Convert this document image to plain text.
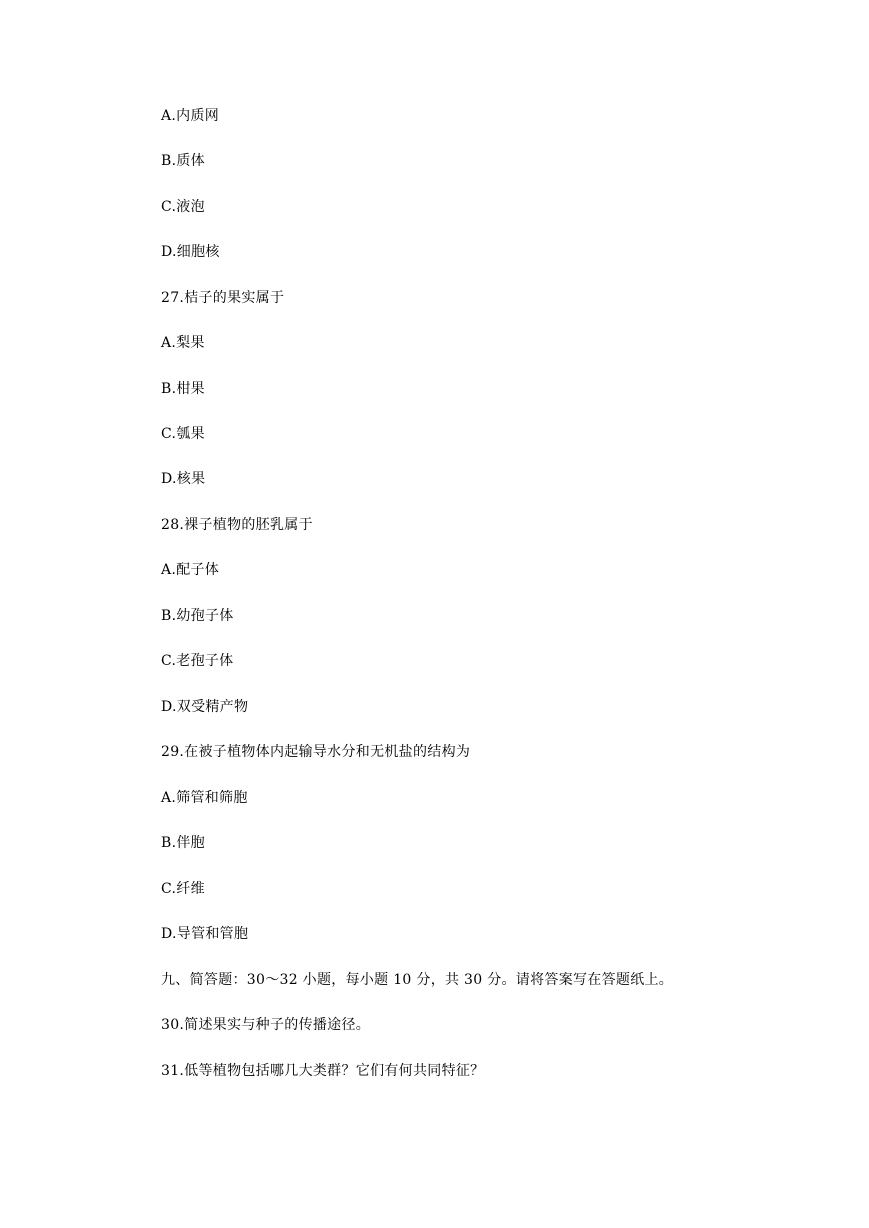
A.内质网
B.质体
C.液泡
D.细胞核
27.桔子的果实属于
A.梨果
B.柑果
C.瓠果
D.核果
28.裸子植物的胚乳属于
A.配子体
B.幼孢子体
C.老孢子体
D.双受精产物
29.在被子植物体内起输导水分和无机盐的结构为
A.筛管和筛胞
B.伴胞
C.纤维
D.导管和管胞
九、简答题：30～32 小题，每小题 10 分，共 30 分。请将答案写在答题纸上。
30.简述果实与种子的传播途径。
31.低等植物包括哪几大类群？它们有何共同特征？
